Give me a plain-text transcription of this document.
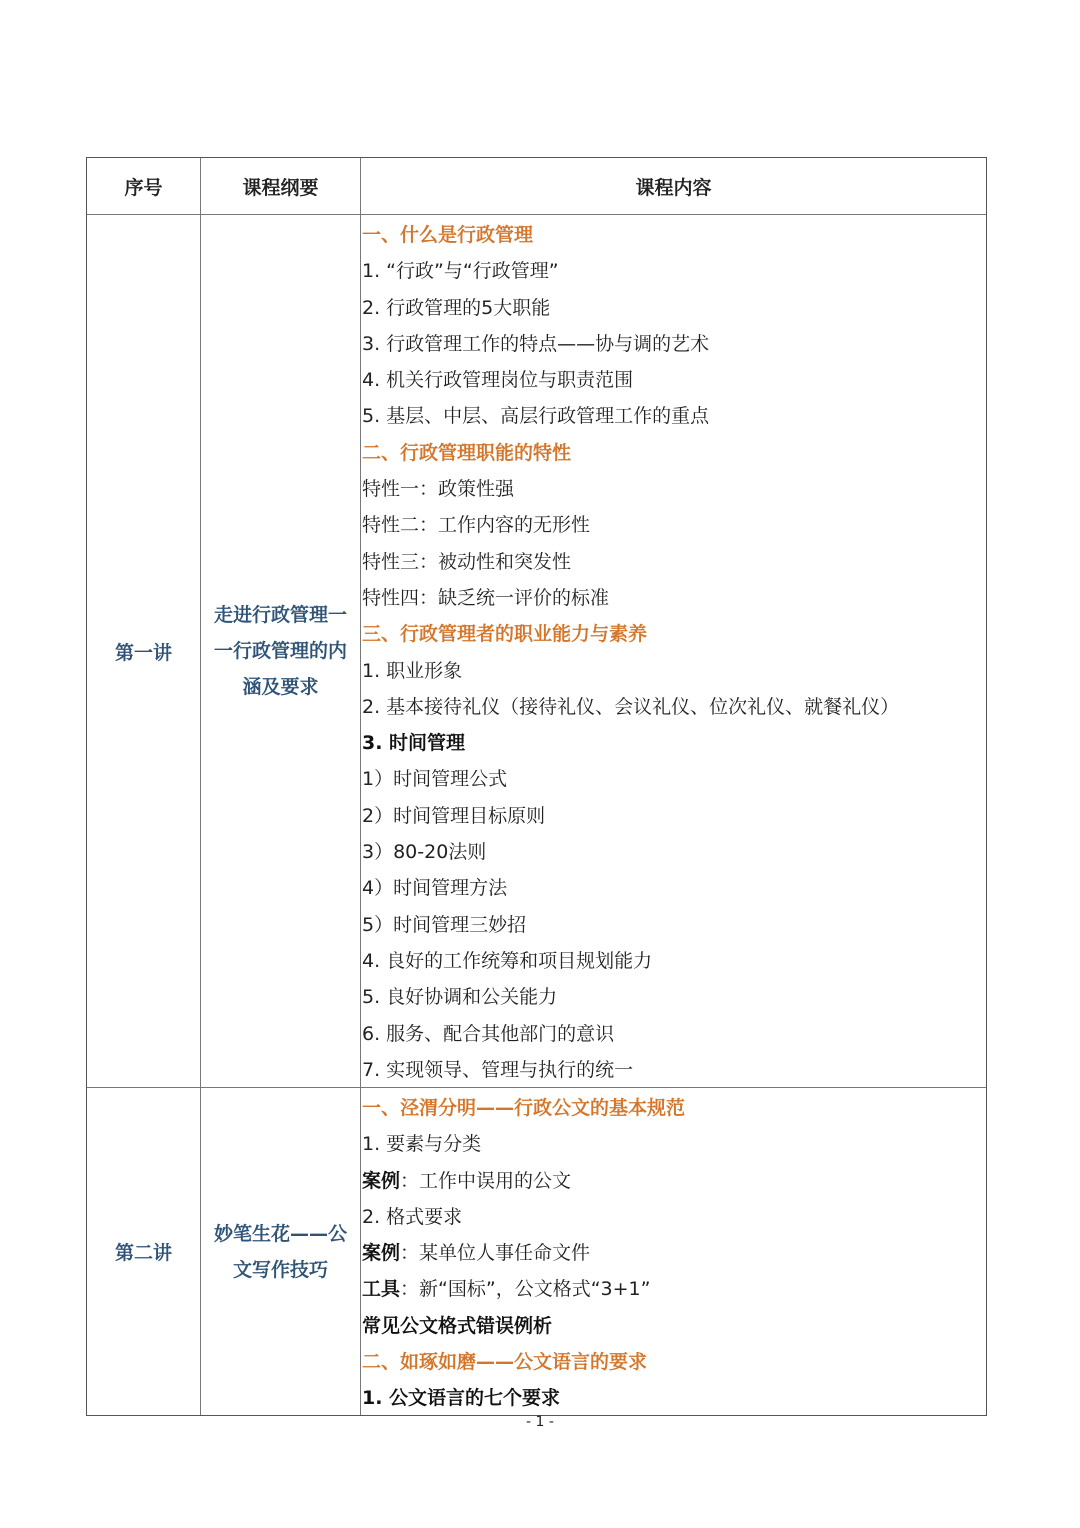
序号	课程纲要	课程内容
第一讲
走进行政管理一
一行政管理的内
涵及要求
一、什么是行政管理
1. “行政”与“行政管理”
2. 行政管理的5大职能
3. 行政管理工作的特点——协与调的艺术
4. 机关行政管理岗位与职责范围
5. 基层、中层、高层行政管理工作的重点
二、行政管理职能的特性
特性一：政策性强
特性二：工作内容的无形性
特性三：被动性和突发性
特性四：缺乏统一评价的标准
三、行政管理者的职业能力与素养
1. 职业形象
2. 基本接待礼仪（接待礼仪、会议礼仪、位次礼仪、就餐礼仪）
3. 时间管理
1）时间管理公式
2）时间管理目标原则
3）80-20法则
4）时间管理方法
5）时间管理三妙招
4. 良好的工作统筹和项目规划能力
5. 良好协调和公关能力
6. 服务、配合其他部门的意识
7. 实现领导、管理与执行的统一
第二讲
妙笔生花——公
文写作技巧
一、泾渭分明——行政公文的基本规范
1. 要素与分类
案例：工作中误用的公文
2. 格式要求
案例：某单位人事任命文件
工具：新“国标”，公文格式“3+1”
常见公文格式错误例析
二、如琢如磨——公文语言的要求
1. 公文语言的七个要求
- 1 -
